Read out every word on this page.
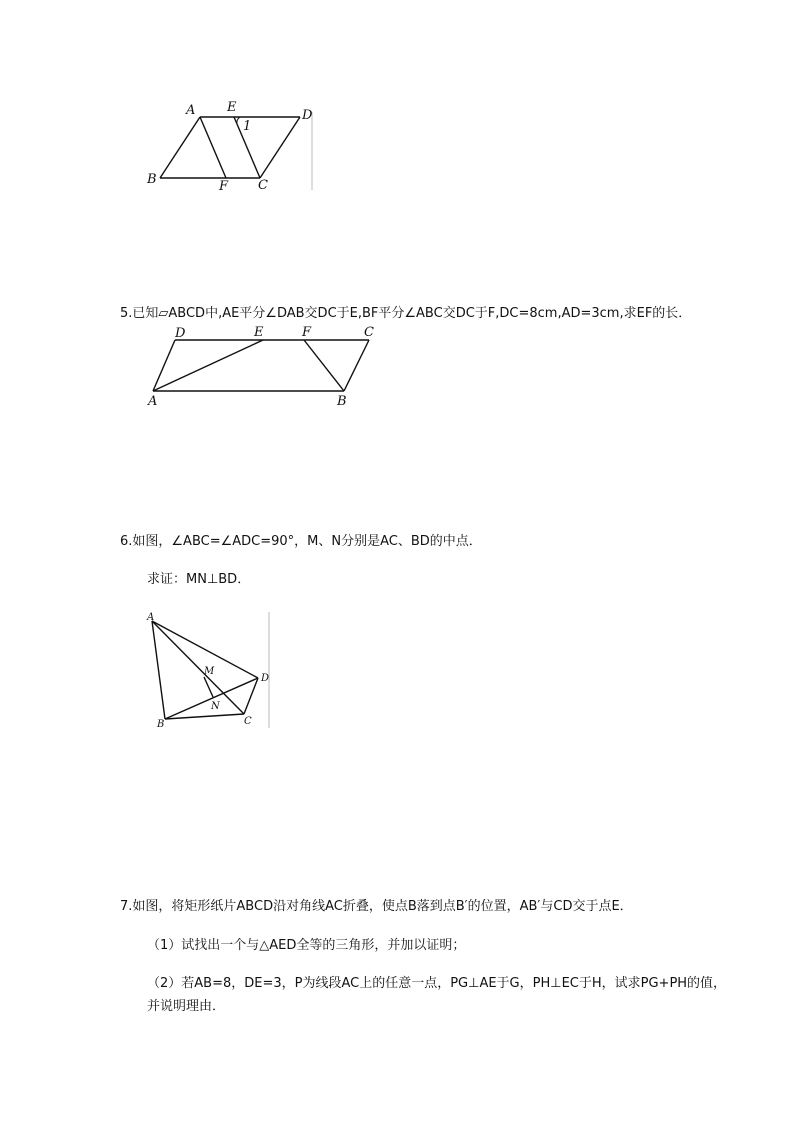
A E
D
B	F C
1
5.已知▱ABCD中,AE平分∠DAB交DC于E,BF平分∠ABC交DC于F,DC=8cm,AD=3cm,求EF的长．
D	E	F	C
A	B
6.如图，∠ABC=∠ADC=90°，M、N分别是AC、BD的中点．
求证：MN⊥BD．
A
M
D
N
B	C
7.如图，将矩形纸片ABCD沿对角线AC折叠，使点B落到点B′的位置，AB′与CD交于点E．
（1）试找出一个与△AED全等的三角形，并加以证明；
（2）若AB=8，DE=3，P为线段AC上的任意一点，PG⊥AE于G，PH⊥EC于H，试求PG+PH的值，
并说明理由．
